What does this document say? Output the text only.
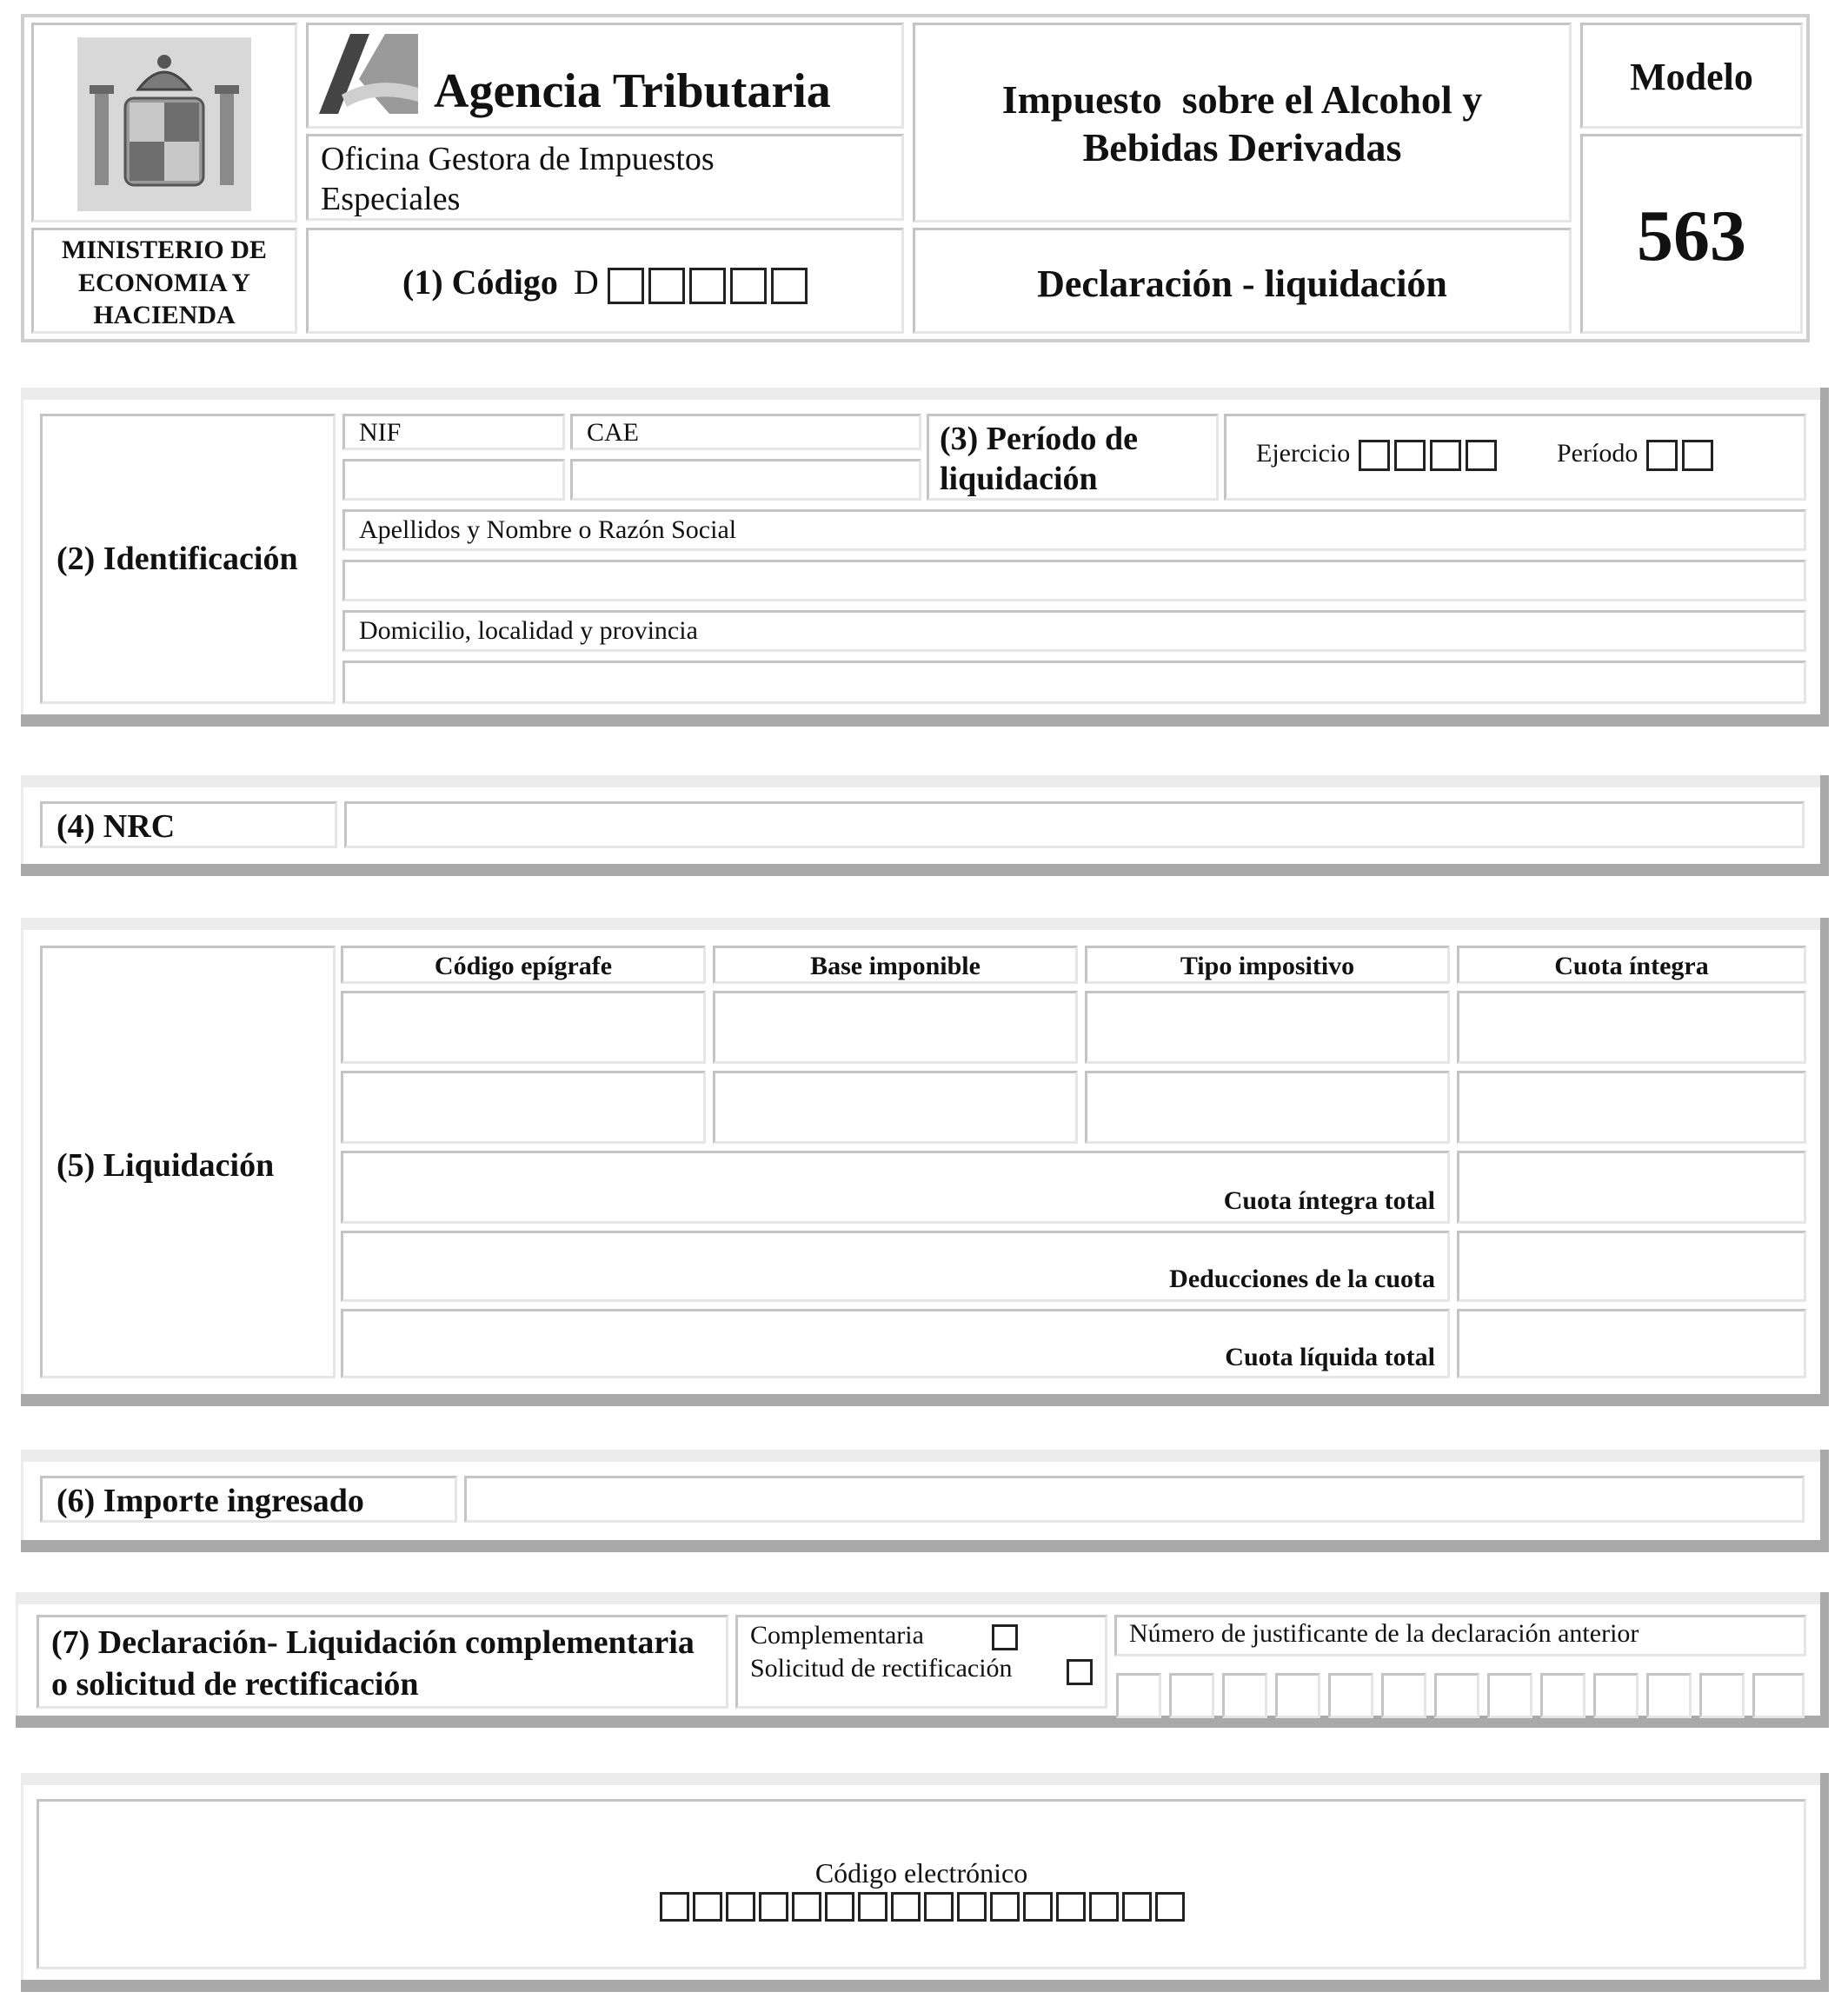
MINISTERIO DE ECONOMIA Y HACIENDA
Agencia Tributaria
Oficina Gestora de Impuestos Especiales
(1) Código D
Impuesto  sobre el Alcohol y Bebidas Derivadas
Declaración - liquidación
Modelo
563
(2) Identificación
NIF	CAE	(3) Período de liquidación
Ejercicio	Período
Apellidos y Nombre o Razón Social
Domicilio, localidad y provincia
(4) NRC
(5) Liquidación
Código epígrafe	Base imponible	Tipo impositivo	Cuota íntegra
Cuota íntegra total
Deducciones de la cuota
Cuota líquida total
(6) Importe ingresado
(7) Declaración- Liquidación complementaria o solicitud de rectificación
Complementaria
Solicitud de rectificación
Número de justificante de la declaración anterior
Código electrónico
